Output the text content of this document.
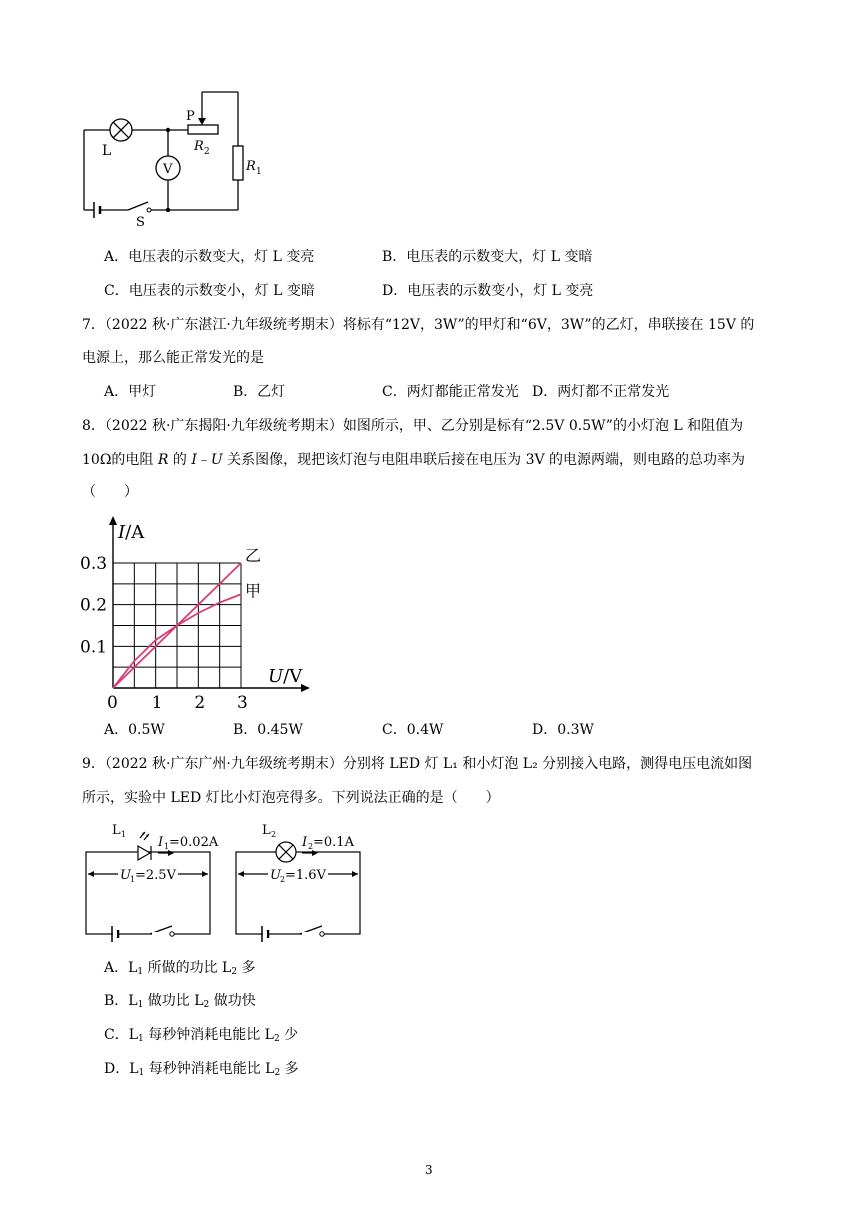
L
V
P
R 2
R 1
S
A．电压表的示数变大，灯 L 变亮	B．电压表的示数变大，灯 L 变暗
C．电压表的示数变小，灯 L 变暗	D．电压表的示数变小，灯 L 变亮
7．（2022 秋·广东湛江·九年级统考期末）将标有“12V，3W”的甲灯和“6V，3W”的乙灯，串联接在 15V 的
电源上，那么能正常发光的是
A．甲灯	B．乙灯	C．两灯都能正常发光 D．两灯都不正常发光
8．（2022 秋·广东揭阳·九年级统考期末）如图所示，甲、乙分别是标有“2.5V 0.5W”的小灯泡 L 和阻值为
10Ω的电阻 R 的 I﹣U 关系图像，现把该灯泡与电阻串联后接在电压为 3V 的电源两端，则电路的总功率为
（　　）
乙
甲
0 1 2 3
0.1
0.2
0.3
I/A
U/V
A．0.5W	B．0.45W	C．0.4W	D．0.3W
9．（2022 秋·广东广州·九年级统考期末）分别将 LED 灯 L₁ 和小灯泡 L₂ 分别接入电路，测得电压电流如图
所示，实验中 LED 灯比小灯泡亮得多。下列说法正确的是（　　）
L 1
I 1 =0.02A
U 1 =2.5V
L 2
I 2 =0.1A
U 2 =1.6V
A．$L_1$ 所做的功比 $L_2$ 多
B．$L_1$ 做功比 $L_2$ 做功快
C．$L_1$ 每秒钟消耗电能比 $L_2$ 少
D．$L_1$ 每秒钟消耗电能比 $L_2$ 多
3
